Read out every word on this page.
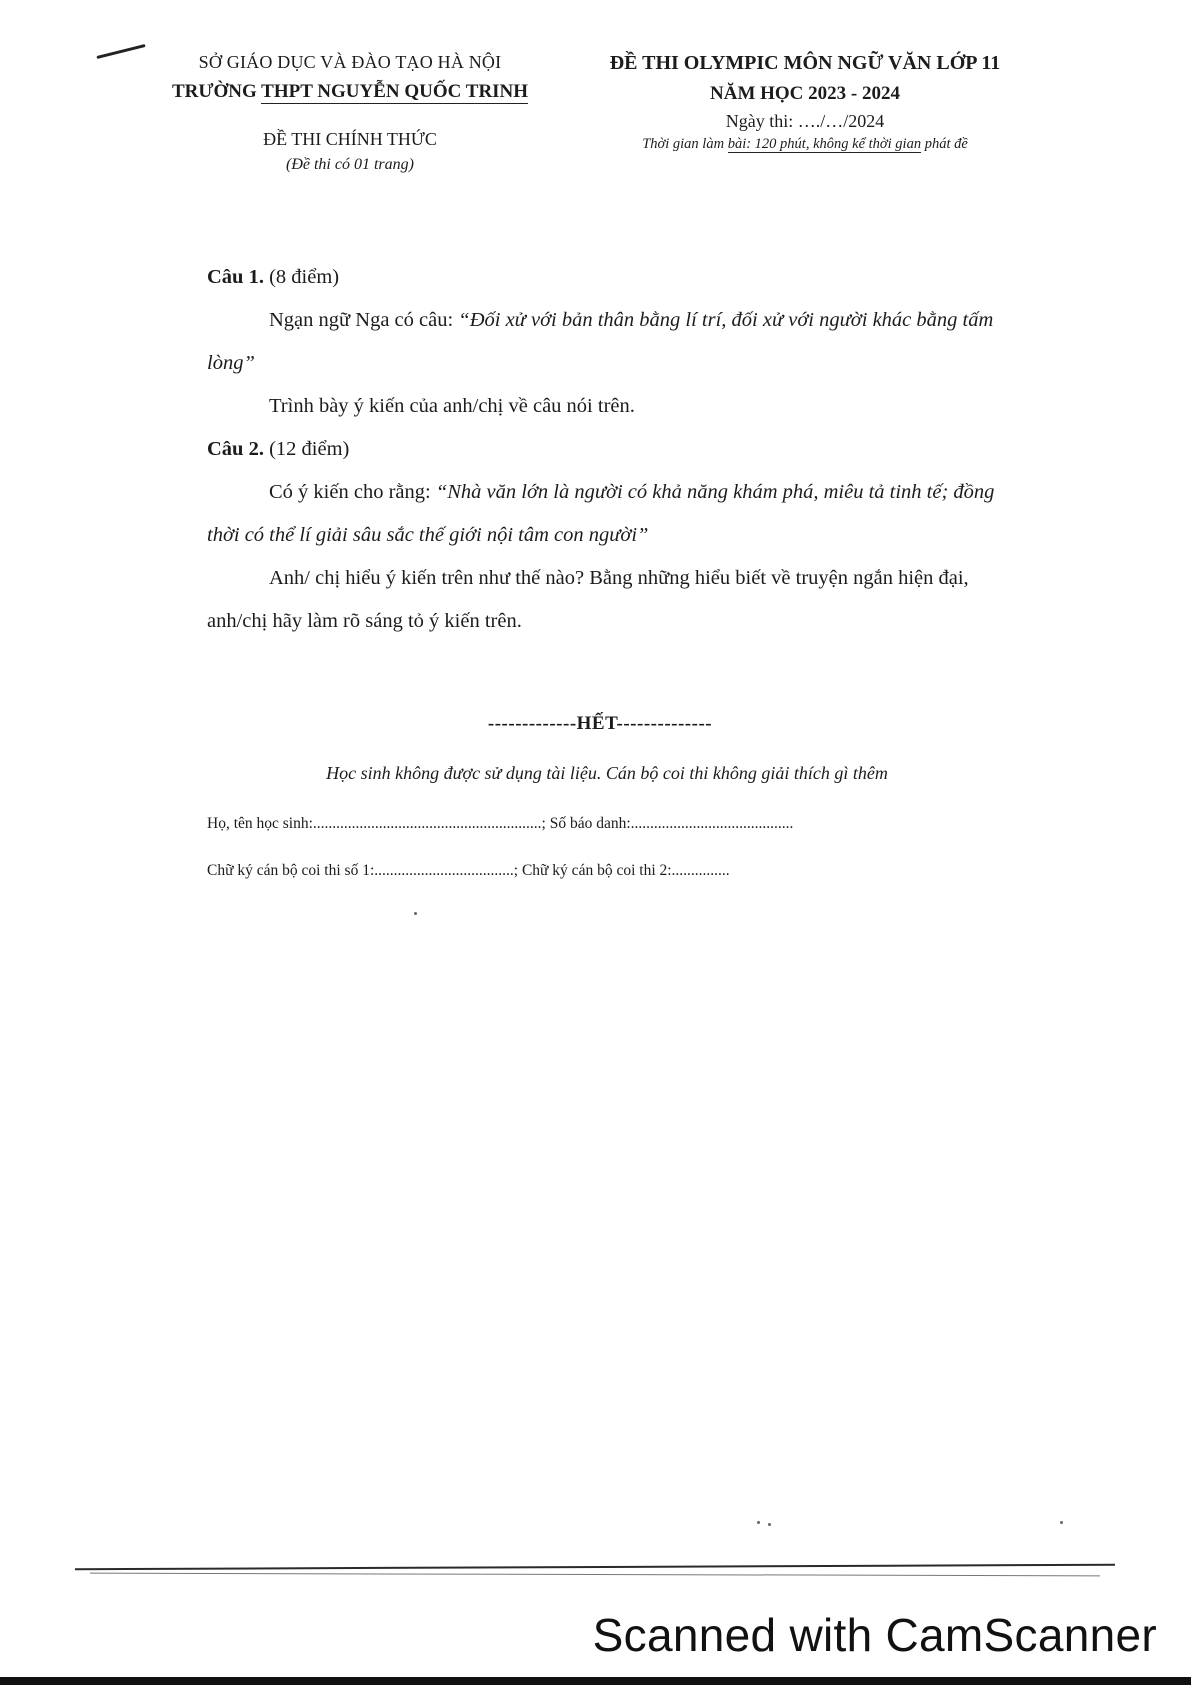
SỞ GIÁO DỤC VÀ ĐÀO TẠO HÀ NỘI
TRƯỜNG THPT NGUYỄN QUỐC TRINH
ĐỀ THI CHÍNH THỨC
(Đề thi có 01 trang)
ĐỀ THI OLYMPIC MÔN NGỮ VĂN LỚP 11
NĂM HỌC 2023 - 2024
Ngày thi: …./…/2024
Thời gian làm bài: 120 phút, không kể thời gian phát đề

Câu 1. (8 điểm)

Ngạn ngữ Nga có câu: “Đối xử với bản thân bằng lí trí, đối xử với người khác bằng tấm lòng”

Trình bày ý kiến của anh/chị về câu nói trên.

Câu 2. (12 điểm)

Có ý kiến cho rằng: “Nhà văn lớn là người có khả năng khám phá, miêu tả tinh tế; đồng thời có thể lí giải sâu sắc thế giới nội tâm con người”

Anh/ chị hiểu ý kiến trên như thế nào? Bằng những hiểu biết về truyện ngắn hiện đại, anh/chị hãy làm rõ sáng tỏ ý kiến trên.

-------------HẾT--------------
Học sinh không được sử dụng tài liệu. Cán bộ coi thi không giải thích gì thêm
Họ, tên học sinh:...........................................................; Số báo danh:..........................................
Chữ ký cán bộ coi thi số 1:....................................; Chữ ký cán bộ coi thi 2:...............
Scanned with CamScanner
